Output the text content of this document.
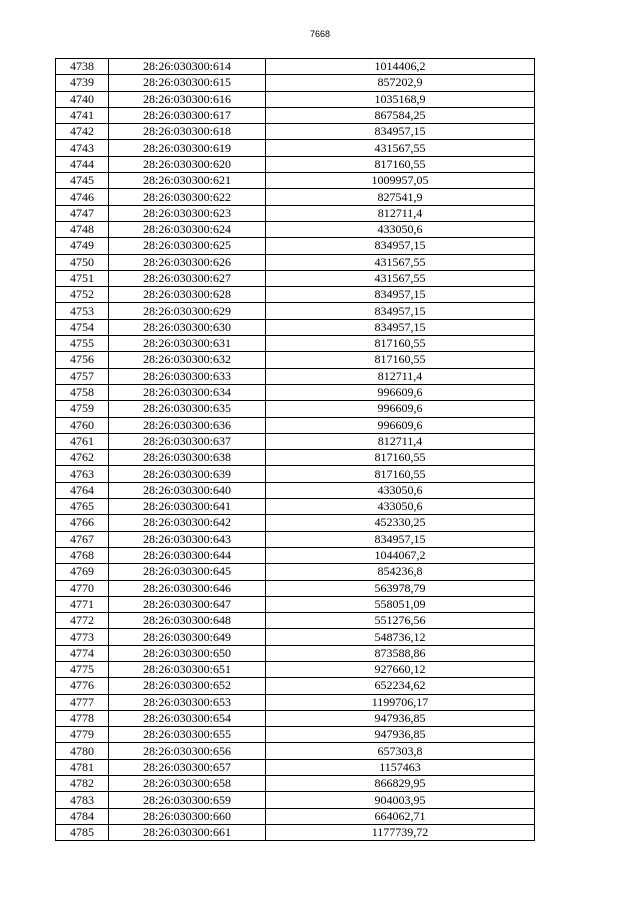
7668
4738	28:26:030300:614	1014406,2
4739	28:26:030300:615	857202,9
4740	28:26:030300:616	1035168,9
4741	28:26:030300:617	867584,25
4742	28:26:030300:618	834957,15
4743	28:26:030300:619	431567,55
4744	28:26:030300:620	817160,55
4745	28:26:030300:621	1009957,05
4746	28:26:030300:622	827541,9
4747	28:26:030300:623	812711,4
4748	28:26:030300:624	433050,6
4749	28:26:030300:625	834957,15
4750	28:26:030300:626	431567,55
4751	28:26:030300:627	431567,55
4752	28:26:030300:628	834957,15
4753	28:26:030300:629	834957,15
4754	28:26:030300:630	834957,15
4755	28:26:030300:631	817160,55
4756	28:26:030300:632	817160,55
4757	28:26:030300:633	812711,4
4758	28:26:030300:634	996609,6
4759	28:26:030300:635	996609,6
4760	28:26:030300:636	996609,6
4761	28:26:030300:637	812711,4
4762	28:26:030300:638	817160,55
4763	28:26:030300:639	817160,55
4764	28:26:030300:640	433050,6
4765	28:26:030300:641	433050,6
4766	28:26:030300:642	452330,25
4767	28:26:030300:643	834957,15
4768	28:26:030300:644	1044067,2
4769	28:26:030300:645	854236,8
4770	28:26:030300:646	563978,79
4771	28:26:030300:647	558051,09
4772	28:26:030300:648	551276,56
4773	28:26:030300:649	548736,12
4774	28:26:030300:650	873588,86
4775	28:26:030300:651	927660,12
4776	28:26:030300:652	652234,62
4777	28:26:030300:653	1199706,17
4778	28:26:030300:654	947936,85
4779	28:26:030300:655	947936,85
4780	28:26:030300:656	657303,8
4781	28:26:030300:657	1157463
4782	28:26:030300:658	866829,95
4783	28:26:030300:659	904003,95
4784	28:26:030300:660	664062,71
4785	28:26:030300:661	1177739,72
